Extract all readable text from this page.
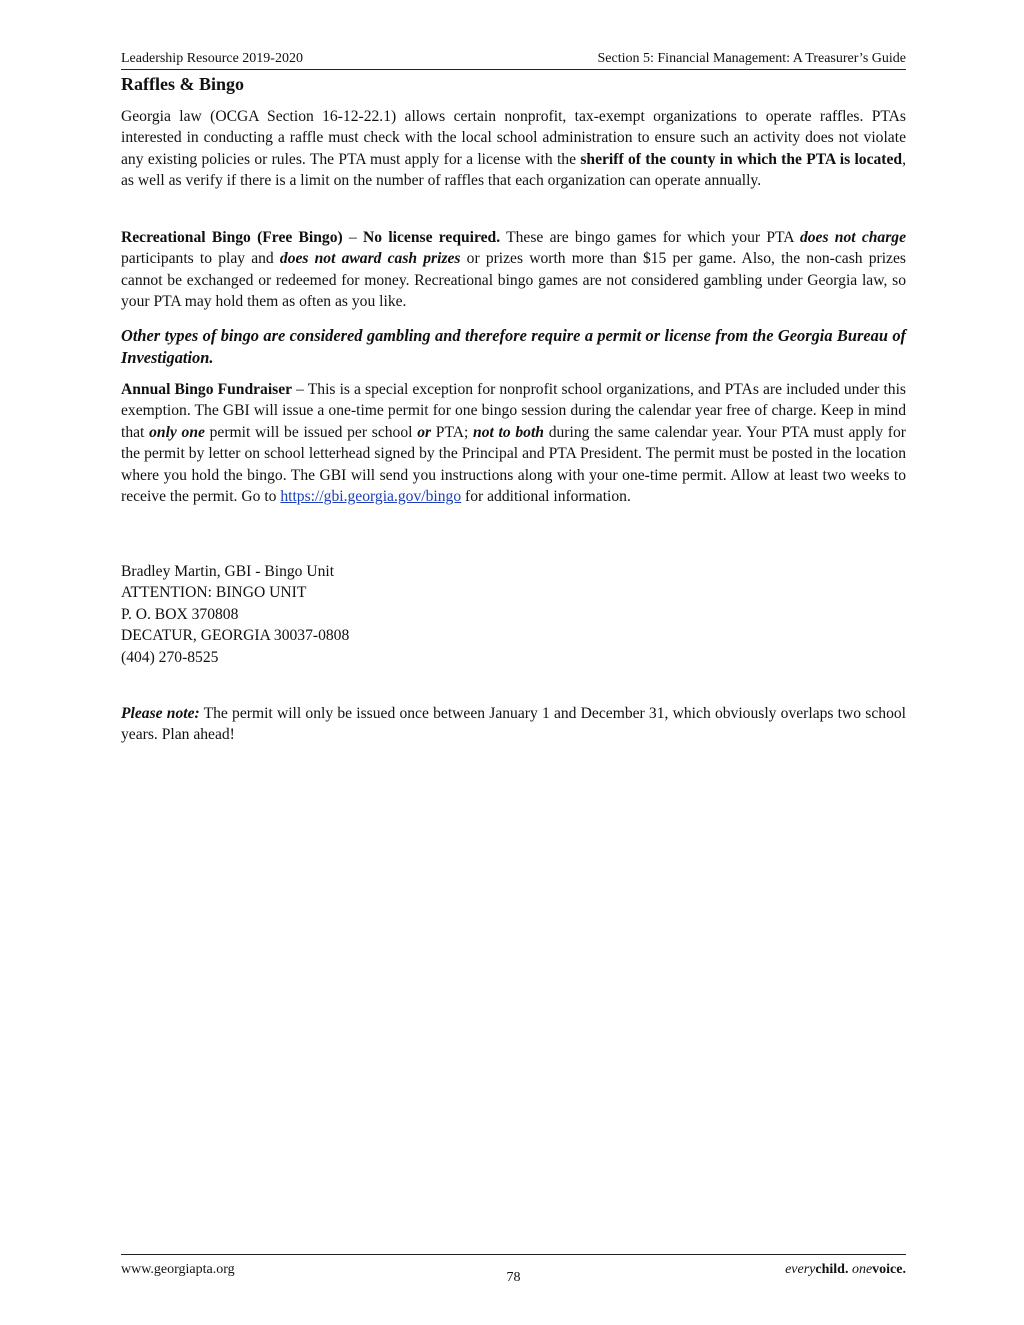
Leadership Resource 2019-2020	Section 5: Financial Management: A Treasurer’s Guide
Raffles & Bingo

Georgia law (OCGA Section 16-12-22.1) allows certain nonprofit, tax-exempt organizations to operate raffles. PTAs interested in conducting a raffle must check with the local school administration to ensure such an activity does not violate any existing policies or rules. The PTA must apply for a license with the sheriff of the county in which the PTA is located, as well as verify if there is a limit on the number of raffles that each organization can operate annually.

Recreational Bingo (Free Bingo) – No license required. These are bingo games for which your PTA does not charge participants to play and does not award cash prizes or prizes worth more than $15 per game. Also, the non-cash prizes cannot be exchanged or redeemed for money. Recreational bingo games are not considered gambling under Georgia law, so your PTA may hold them as often as you like.

Other types of bingo are considered gambling and therefore require a permit or license from the Georgia Bureau of Investigation.

Annual Bingo Fundraiser – This is a special exception for nonprofit school organizations, and PTAs are included under this exemption. The GBI will issue a one-time permit for one bingo session during the calendar year free of charge. Keep in mind that only one permit will be issued per school or PTA; not to both during the same calendar year. Your PTA must apply for the permit by letter on school letterhead signed by the Principal and PTA President. The permit must be posted in the location where you hold the bingo. The GBI will send you instructions along with your one-time permit. Allow at least two weeks to receive the permit. Go to https://gbi.georgia.gov/bingo for additional information.

Bradley Martin, GBI - Bingo Unit
ATTENTION: BINGO UNIT
P. O. BOX 370808
DECATUR, GEORGIA 30037-0808
(404) 270-8525

Please note: The permit will only be issued once between January 1 and December 31, which obviously overlaps two school years. Plan ahead!

www.georgiapta.org
78
everychild. onevoice.
